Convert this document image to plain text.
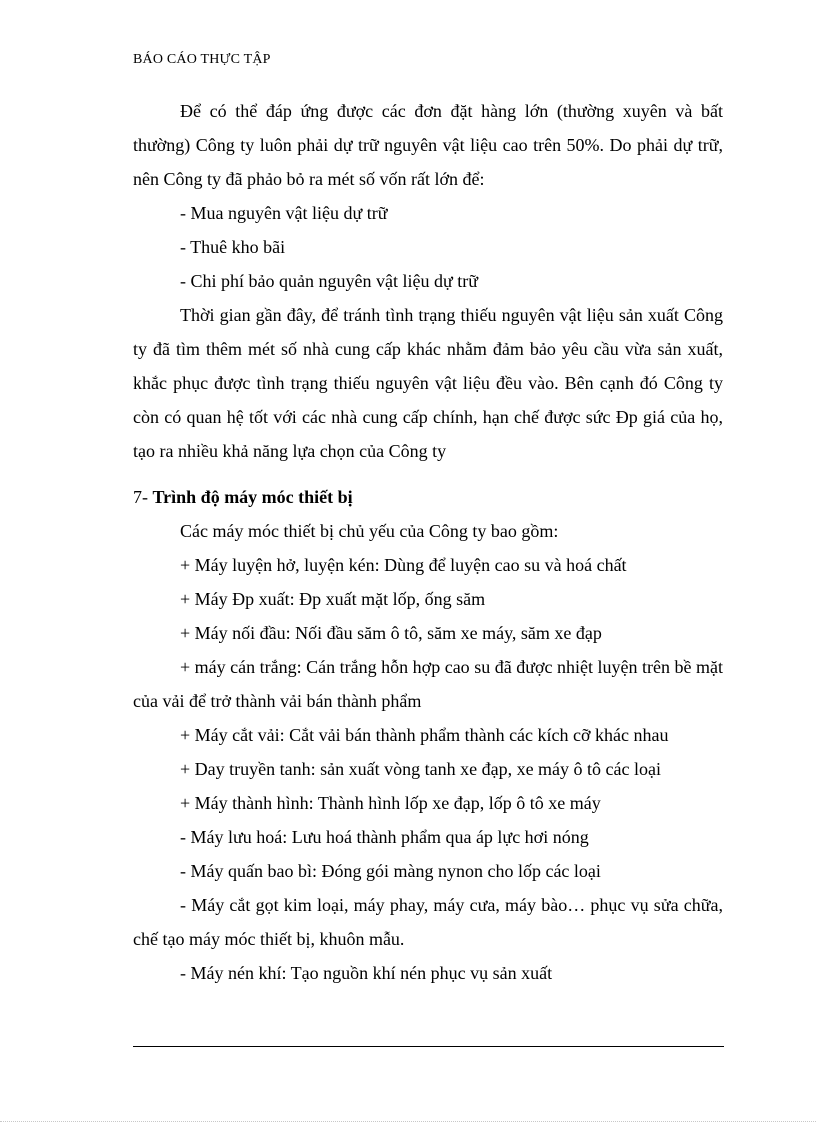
BÁO CÁO THỰC TẬP

Để có thể đáp ứng được các đơn đặt hàng lớn (thường xuyên và bất thường) Công ty luôn phải dự trữ nguyên vật liệu cao trên 50%. Do phải dự trữ, nên Công ty đã phảo bỏ ra mét số vốn rất lớn để:

- Mua nguyên vật liệu dự trữ

- Thuê kho bãi

- Chi phí bảo quản nguyên vật liệu dự trữ

Thời gian gần đây, để tránh tình trạng thiếu nguyên vật liệu sản xuất Công ty đã tìm thêm mét số nhà cung cấp khác nhằm đảm bảo yêu cầu vừa sản xuất, khắc phục được tình trạng thiếu nguyên vật liệu đều vào. Bên cạnh đó Công ty còn có quan hệ tốt với các nhà cung cấp chính, hạn chế được sức Ðp giá của họ, tạo ra nhiều khả năng lựa chọn của Công ty

7- Trình độ máy móc thiết bị

Các máy móc thiết bị chủ yếu của Công ty bao gồm:

+ Máy luyện hở, luyện kén: Dùng để luyện cao su và hoá chất

+ Máy Ðp xuất: Ðp xuất mặt lốp, ống săm

+ Máy nối đầu: Nối đầu săm ô tô, săm xe máy, săm xe đạp

+ máy cán trắng: Cán trắng hỗn hợp cao su đã được nhiệt luyện trên bề mặt của vải để trở thành vải bán thành phẩm

+ Máy cắt vải: Cắt vải bán thành phẩm thành các kích cỡ khác nhau

+ Day truyền tanh: sản xuất vòng tanh xe đạp, xe máy ô tô các loại

+ Máy thành hình: Thành hình lốp xe đạp, lốp ô tô xe máy

- Máy lưu hoá: Lưu hoá thành phẩm qua áp lực hơi nóng

- Máy quấn bao bì: Đóng gói màng nynon cho lốp các loại

- Máy cắt gọt kim loại, máy phay, máy cưa, máy bào… phục vụ sửa chữa, chế tạo máy móc thiết bị, khuôn mẫu.

- Máy nén khí: Tạo nguồn khí nén phục vụ sản xuất
